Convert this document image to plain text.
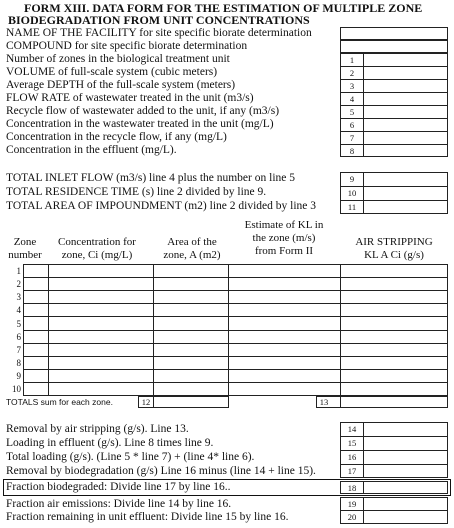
FORM XIII. DATA FORM FOR THE ESTIMATION OF MULTIPLE ZONE
BIODEGRADATION FROM UNIT CONCENTRATIONS
NAME OF THE FACILITY for site specific biorate determination
COMPOUND for site specific biorate determination
Number of zones in the biological treatment unit
VOLUME of full-scale system (cubic meters)
Average DEPTH of the full-scale system (meters)
FLOW RATE of wastewater treated in the unit (m3/s)
Recycle flow of wastewater added to the unit, if any (m3/s)
Concentration in the wastewater treated in the unit (mg/L)
Concentration in the recycle flow, if any (mg/L)
Concentration in the effluent (mg/L).
1
2
3
4
5
6
7
8
TOTAL INLET FLOW (m3/s) line 4 plus the number on line 5
TOTAL RESIDENCE TIME (s) line 2 divided by line 9.
TOTAL AREA OF IMPOUNDMENT (m2) line 2 divided by line 3
9
10
11
Zone
number
Concentration for
zone, Ci (mg/L)
Area of the
zone, A (m2)
Estimate of KL in
the zone (m/s)
from Form II
AIR STRIPPING
KL A Ci (g/s)
1
2
3
4
5
6
7
8
9
10
TOTALS sum for each zone.	12	13
Removal by air stripping (g/s). Line 13.
Loading in effluent (g/s). Line 8 times line 9.
Total loading (g/s). (Line 5 * line 7) + (line 4* line 6).
Removal by biodegradation (g/s) Line 16 minus (line 14 + line 15).
Fraction biodegraded: Divide line 17 by line 16..
Fraction air emissions: Divide line 14 by line 16.
Fraction remaining in unit effluent: Divide line 15 by line 16.
14
15
16
17
18
19
20
